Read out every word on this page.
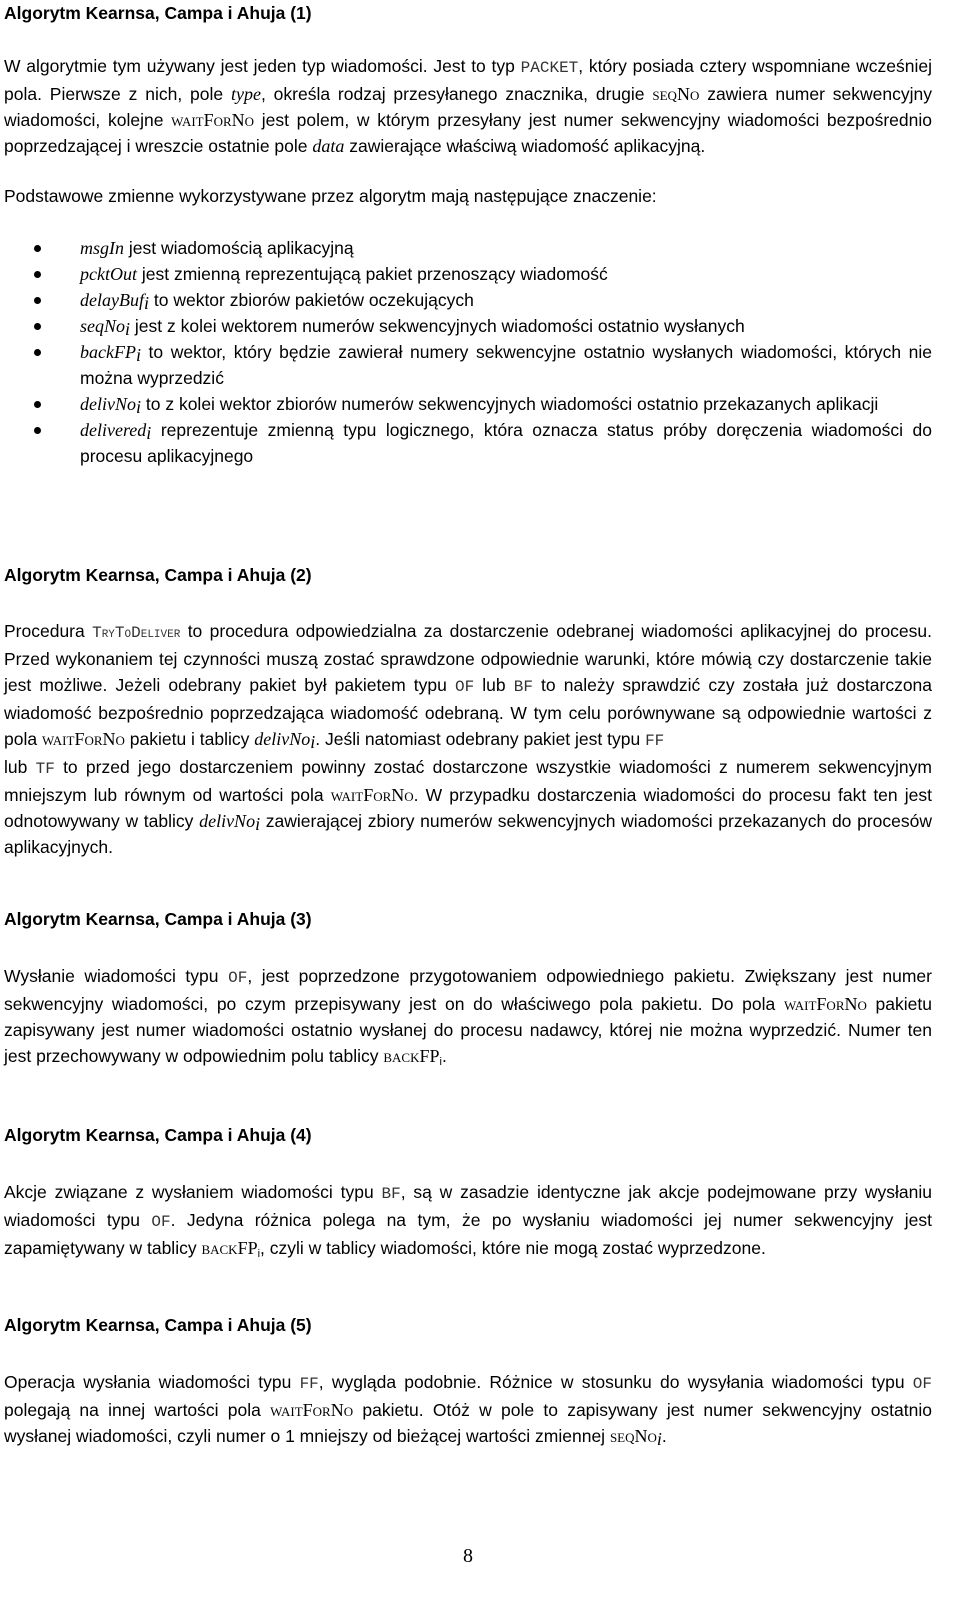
Algorytm Kearnsa, Campa i Ahuja (1)

W algorytmie tym używany jest jeden typ wiadomości. Jest to typ PACKET, który posiada cztery wspomniane wcześniej pola. Pierwsze z nich, pole type, określa rodzaj przesyłanego znacznika, drugie seqNo zawiera numer sekwencyjny wiadomości, kolejne waitForNo jest polem, w którym przesyłany jest numer sekwencyjny wiadomości bezpośrednio poprzedzającej i wreszcie ostatnie pole data zawierające właściwą wiadomość aplikacyjną.

Podstawowe zmienne wykorzystywane przez algorytm mają następujące znaczenie:

msgIn jest wiadomością aplikacyjną
pcktOut jest zmienną reprezentującą pakiet przenoszący wiadomość
delayBuf$_i$ to wektor zbiorów pakietów oczekujących
seqNo$_i$ jest z kolei wektorem numerów sekwencyjnych wiadomości ostatnio wysłanych
backFP$_i$ to wektor, który będzie zawierał numery sekwencyjne ostatnio wysłanych wiadomości, których nie można wyprzedzić
delivNo$_i$ to z kolei wektor zbiorów numerów sekwencyjnych wiadomości ostatnio przekazanych aplikacji
delivered$_i$ reprezentuje zmienną typu logicznego, która oznacza status próby doręczenia wiadomości do procesu aplikacyjnego
Algorytm Kearnsa, Campa i Ahuja (2)

Procedura TryToDeliver to procedura odpowiedzialna za dostarczenie odebranej wiadomości aplikacyjnej do procesu. Przed wykonaniem tej czynności muszą zostać sprawdzone odpowiednie warunki, które mówią czy dostarczenie takie jest możliwe. Jeżeli odebrany pakiet był pakietem typu OF lub BF to należy sprawdzić czy została już dostarczona wiadomość bezpośrednio poprzedzająca wiadomość odebraną. W tym celu porównywane są odpowiednie wartości z pola waitForNo pakietu i tablicy delivNo$_i$. Jeśli natomiast odebrany pakiet jest typu FF
lub TF to przed jego dostarczeniem powinny zostać dostarczone wszystkie wiadomości z numerem sekwencyjnym mniejszym lub równym od wartości pola waitForNo. W przypadku dostarczenia wiadomości do procesu fakt ten jest odnotowywany w tablicy delivNo$_i$ zawierającej zbiory numerów sekwencyjnych wiadomości przekazanych do procesów aplikacyjnych.

Algorytm Kearnsa, Campa i Ahuja (3)

Wysłanie wiadomości typu OF, jest poprzedzone przygotowaniem odpowiedniego pakietu. Zwiększany jest numer sekwencyjny wiadomości, po czym przepisywany jest on do właściwego pola pakietu. Do pola waitForNo pakietu zapisywany jest numer wiadomości ostatnio wysłanej do procesu nadawcy, której nie można wyprzedzić. Numer ten jest przechowywany w odpowiednim polu tablicy backFP$_i$.

Algorytm Kearnsa, Campa i Ahuja (4)

Akcje związane z wysłaniem wiadomości typu BF, są w zasadzie identyczne jak akcje podejmowane przy wysłaniu wiadomości typu OF. Jedyna różnica polega na tym, że po wysłaniu wiadomości jej numer sekwencyjny jest zapamiętywany w tablicy backFP$_i$, czyli w tablicy wiadomości, które nie mogą zostać wyprzedzone.

Algorytm Kearnsa, Campa i Ahuja (5)

Operacja wysłania wiadomości typu FF, wygląda podobnie. Różnice w stosunku do wysyłania wiadomości typu OF polegają na innej wartości pola waitForNo pakietu. Otóż w pole to zapisywany jest numer sekwencyjny ostatnio wysłanej wiadomości, czyli numer o 1 mniejszy od bieżącej wartości zmiennej seqNo$_i$.

8
